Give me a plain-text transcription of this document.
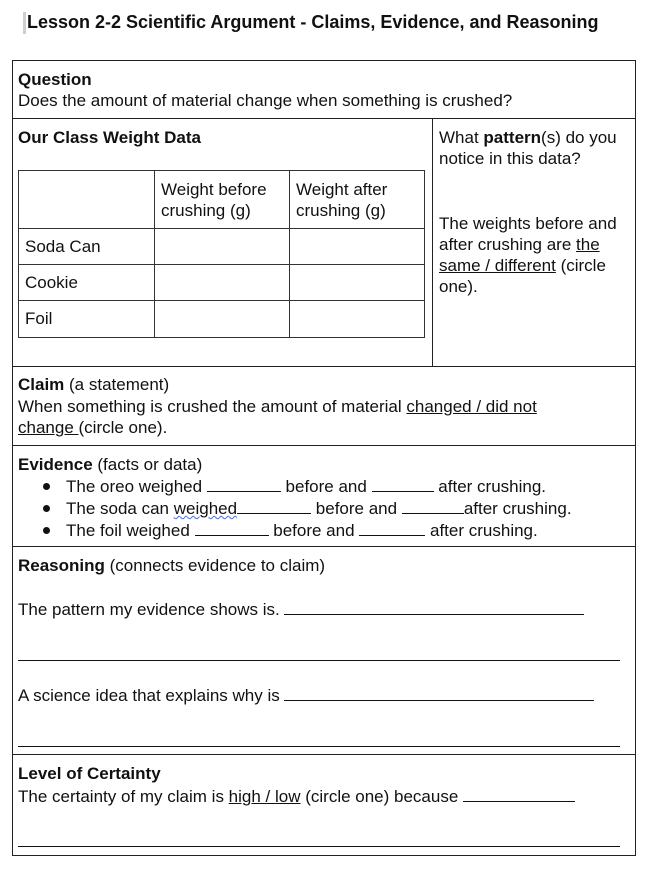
Lesson 2-2 Scientific Argument - Claims, Evidence, and Reasoning
Question
Does the amount of material change when something is crushed?
Our Class Weight Data
	Weight before crushing (g)	Weight after crushing (g)
Soda Can		
Cookie		
Foil		
What pattern(s) do you notice in this data?
The weights before and after crushing are the same / different (circle one).
Claim (a statement)
When something is crushed the amount of material changed / did not
change (circle one).
Evidence (facts or data)
The oreo weighed	before and	after crushing.
The soda can weighed	before and	after crushing.
The foil weighed	before and	after crushing.
Reasoning (connects evidence to claim)
The pattern my evidence shows is.
A science idea that explains why is
Level of Certainty
The certainty of my claim is high / low (circle one) because
